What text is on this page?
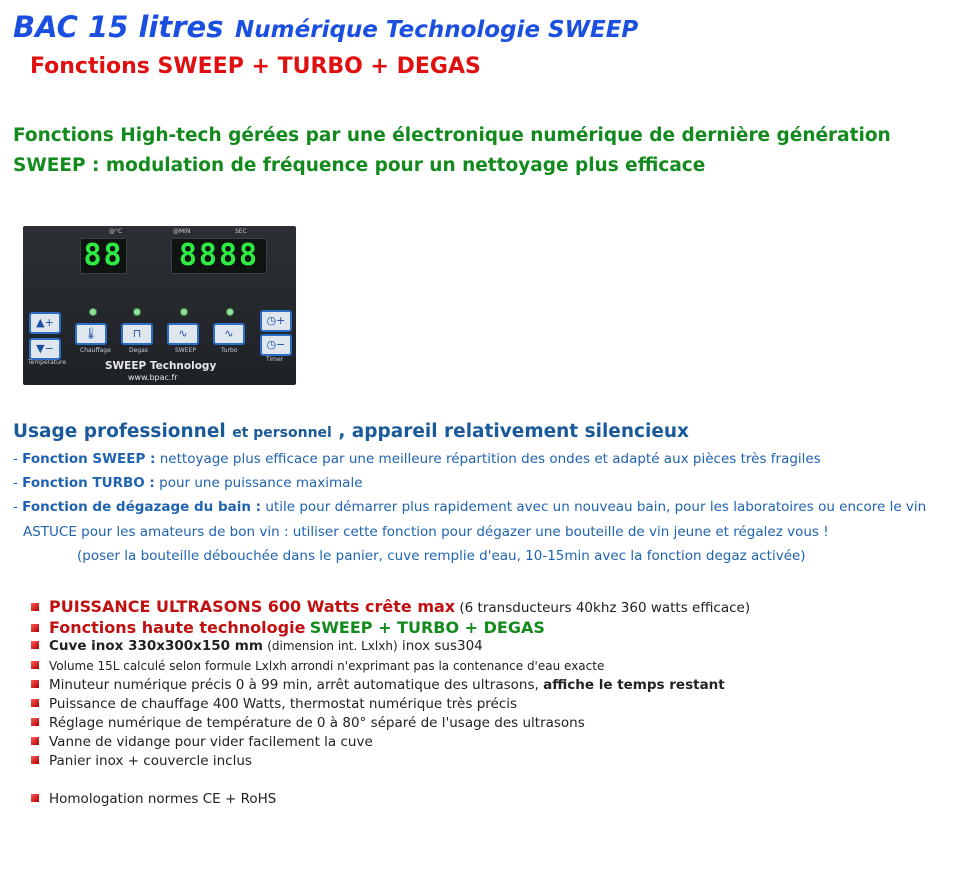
BAC 15 litres Numérique Technologie SWEEP
Fonctions SWEEP + TURBO + DEGAS
Fonctions High-tech gérées par une électronique numérique de dernière génération
SWEEP : modulation de fréquence pour un nettoyage plus efficace
@°C	@MIN	SEC
88 8888
▲+
▼−
🌡	⊓	∿	∿
◷+
◷−
Temperature
Chauffage	Degas	SWEEP	Turbo
Timer
SWEEP Technology
www.bpac.fr
Usage professionnel et personnel , appareil relativement silencieux
- Fonction SWEEP : nettoyage plus efficace par une meilleure répartition des ondes et adapté aux pièces très fragiles
- Fonction TURBO : pour une puissance maximale
- Fonction de dégazage du bain : utile pour démarrer plus rapidement avec un nouveau bain, pour les laboratoires ou encore le vin
ASTUCE pour les amateurs de bon vin : utiliser cette fonction pour dégazer une bouteille de vin jeune et régalez vous !
(poser la bouteille débouchée dans le panier, cuve remplie d'eau, 10-15min avec la fonction degaz activée)
PUISSANCE ULTRASONS 600 Watts crête max (6 transducteurs 40khz 360 watts efficace)
Fonctions haute technologie SWEEP + TURBO + DEGAS
Cuve inox 330x300x150 mm (dimension int. Lxlxh) inox sus304
Volume 15L calculé selon formule Lxlxh arrondi n'exprimant pas la contenance d'eau exacte
Minuteur numérique précis 0 à 99 min, arrêt automatique des ultrasons, affiche le temps restant
Puissance de chauffage 400 Watts, thermostat numérique très précis
Réglage numérique de température de 0 à 80° séparé de l'usage des ultrasons
Vanne de vidange pour vider facilement la cuve
Panier inox + couvercle inclus
Homologation normes CE + RoHS
